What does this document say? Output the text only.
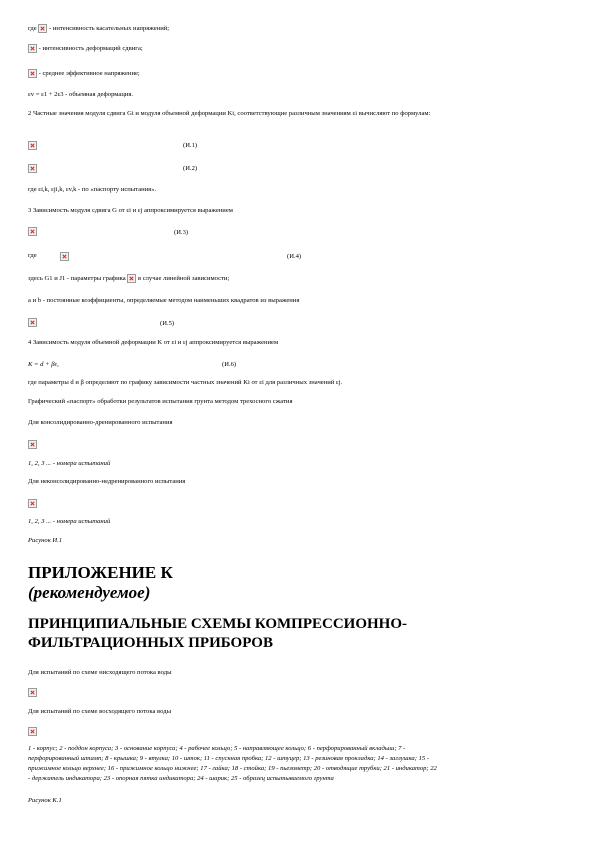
где - интенсивность касательных напряжений;
- интенсивность деформаций сдвига;
- среднее эффективное напряжение;
εv = ε1 + 2ε3 - объемная деформация.
2 Частные значения модуля сдвига Gi и модуля объемной деформации Ki, соответствующие различным значениям εi вычисляют по формулам:
(И.1)
(И.2)
где εi,k, εji,k, εv,k - по «паспорту испытания».
3 Зависимость модуля сдвига G от εi и εj аппроксимируется выражением
(И.3)
где	(И.4)
здесь G1 и J1 - параметры графика в случае линейной зависимости;
a и b - постоянные коэффициенты, определяемые методом наименьших квадратов из выражения
(И.5)
4 Зависимость модуля объемной деформации K от εi и εj аппроксимируется выражением
K = d + βε,	(И.6)
где параметры d и β определяют по графику зависимости частных значений Ki от εi для различных значений εj.
Графический «паспорт» обработки результатов испытания грунта методом трехосного сжатия
Для консолидированно-дренированного испытания
1, 2, 3 ... - номера испытаний
Для неконсолидированно-недренированного испытания
1, 2, 3 ... - номера испытаний
Рисунок И.1
ПРИЛОЖЕНИЕ К
(рекомендуемое)
ПРИНЦИПИАЛЬНЫЕ СХЕМЫ КОМПРЕССИОННО-
ФИЛЬТРАЦИОННЫХ ПРИБОРОВ
Для испытаний по схеме нисходящего потока воды
Для испытаний по схеме восходящего потока воды
1 - корпус; 2 - поддон корпуса; 3 - основание корпуса; 4 - рабочее кольцо; 5 - направляющее кольцо; 6 - перфорированный вкладыш; 7 -
перфорированный штамп; 8 - крышка; 9 - втулка; 10 - шток; 11 - спускная пробка; 12 - штуцер; 13 - резиновая прокладка; 14 - заглушка; 15 -
прижимное кольцо верхнее; 16 - прижимное кольцо нижнее; 17 - гайка; 18 - стойка; 19 - пьезометр; 20 - отводящие трубки; 21 - индикатор; 22
- держатель индикатора; 23 - опорная пятка индикатора; 24 - шарик; 25 - образец испытываемого грунта
Рисунок К.1
